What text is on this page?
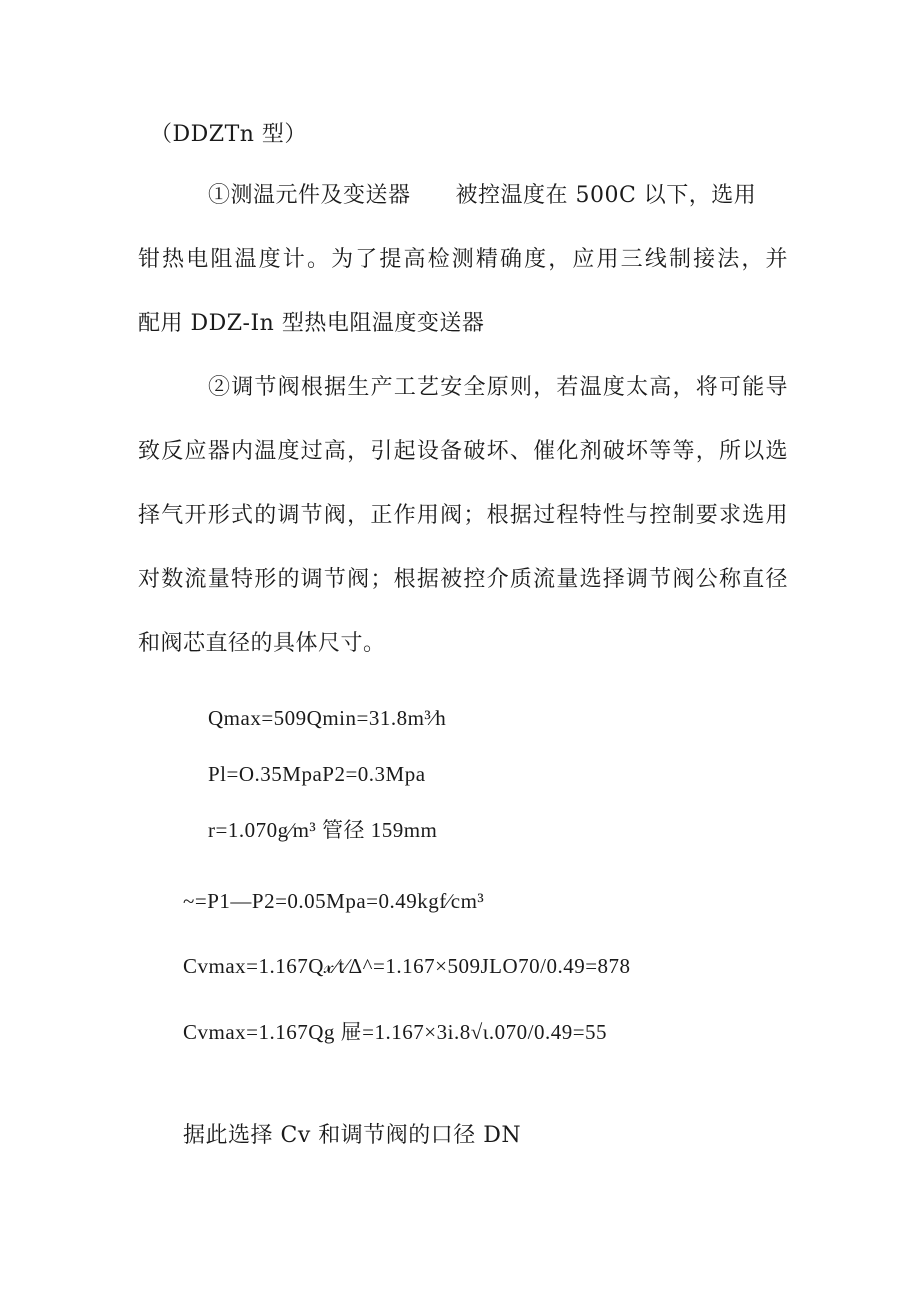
（DDZTn 型）
①测温元件及变送器　　被控温度在 500C 以下，选用
钳热电阻温度计。为了提高检测精确度，应用三线制接法，并
配用 DDZ-In 型热电阻温度变送器
②调节阀根据生产工艺安全原则，若温度太高，将可能导
致反应器内温度过高，引起设备破坏、催化剂破坏等等，所以选
择气开形式的调节阀，正作用阀；根据过程特性与控制要求选用
对数流量特形的调节阀；根据被控介质流量选择调节阀公称直径
和阀芯直径的具体尺寸。
Qmax=509Qmin=31.8m³∕h
Pl=O.35MpaP2=0.3Mpa
r=1.070g∕m³ 管径 159mm
~=P1—P2=0.05Mpa=0.49kgf∕cm³
Cvmax=1.167Q𝓍∕t∕Δ^=1.167×509JLO70/0.49=878
Cvmax=1.167Qg 屉=1.167×3i.8√ι.070/0.49=55
据此选择 Cv 和调节阀的口径 DN
